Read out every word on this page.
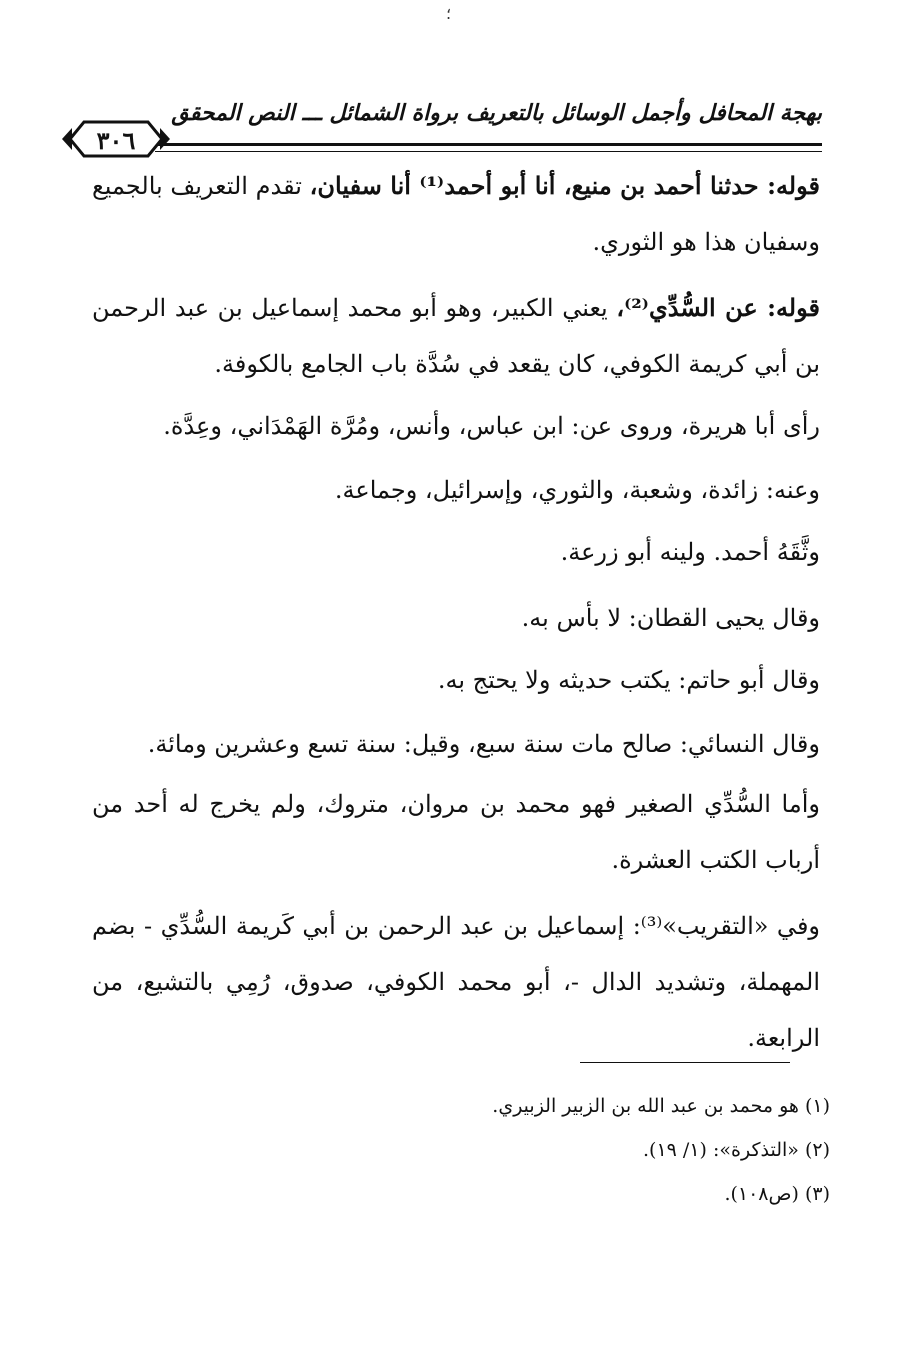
؛
بهجة المحافل وأجمل الوسائل بالتعريف برواة الشمائل ـــ النص المحقق
٣٠٦

قوله: حدثنا أحمد بن منيع، أنا أبو أحمد⁽¹⁾ أنا سفيان، تقدم التعريف بالجميع وسفيان هذا هو الثوري.

قوله: عن السُّدِّي⁽²⁾، يعني الكبير، وهو أبو محمد إسماعيل بن عبد الرحمن بن أبي كريمة الكوفي، كان يقعد في سُدَّة باب الجامع بالكوفة.

رأى أبا هريرة، وروى عن: ابن عباس، وأنس، ومُرَّة الهَمْدَاني، وعِدَّة.

وعنه: زائدة، وشعبة، والثوري، وإسرائيل، وجماعة.

وثَّقَهُ أحمد. ولينه أبو زرعة.

وقال يحيى القطان: لا بأس به.

وقال أبو حاتم: يكتب حديثه ولا يحتج به.

وقال النسائي: صالح مات سنة سبع، وقيل: سنة تسع وعشرين ومائة.

وأما السُّدِّي الصغير فهو محمد بن مروان، متروك، ولم يخرج له أحد من أرباب الكتب العشرة.

وفي «التقريب»⁽³⁾: إسماعيل بن عبد الرحمن بن أبي كَريمة السُّدِّي - بضم المهملة، وتشديد الدال -، أبو محمد الكوفي، صدوق، رُمِي بالتشيع، من الرابعة.

(١) هو محمد بن عبد الله بن الزبير الزبيري.

(٢) «التذكرة»: (١/ ١٩).

(٣) (ص١٠٨).
